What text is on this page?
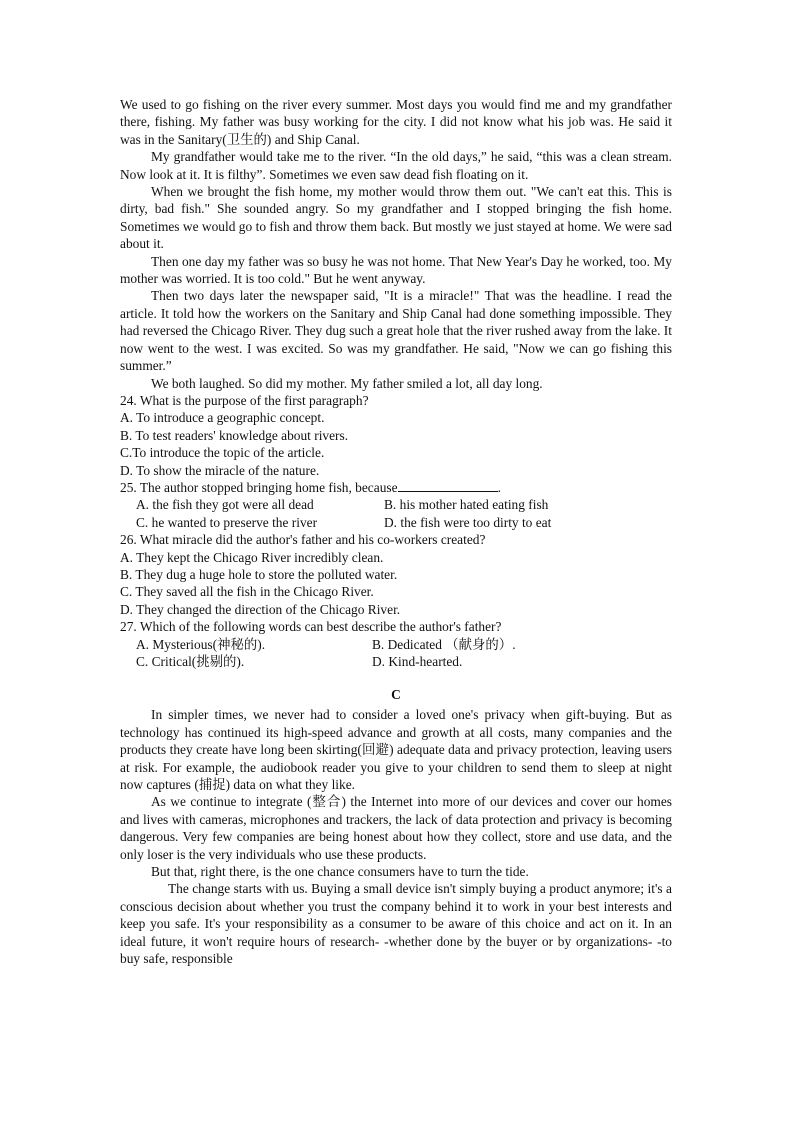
We used to go fishing on the river every summer. Most days you would find me and my grandfather there, fishing. My father was busy working for the city. I did not know what his job was. He said it was in the Sanitary(卫生的) and Ship Canal.

My grandfather would take me to the river. “In the old days,” he said, “this was a clean stream. Now look at it. It is filthy”. Sometimes we even saw dead fish floating on it.

When we brought the fish home, my mother would throw them out. "We can't eat this. This is dirty, bad fish." She sounded angry. So my grandfather and I stopped bringing the fish home. Sometimes we would go to fish and throw them back. But mostly we just stayed at home. We were sad about it.

Then one day my father was so busy he was not home. That New Year's Day he worked, too. My mother was worried. It is too cold." But he went anyway.

Then two days later the newspaper said, "It is a miracle!" That was the headline. I read the article. It told how the workers on the Sanitary and Ship Canal had done something impossible. They had reversed the Chicago River. They dug such a great hole that the river rushed away from the lake. It now went to the west. I was excited. So was my grandfather. He said, "Now we can go fishing this summer.”

We both laughed. So did my mother. My father smiled a lot, all day long.

24. What is the purpose of the first paragraph?

A. To introduce a geographic concept.

B. To test readers' knowledge about rivers.

C.To introduce the topic of the article.

D. To show the miracle of the nature.

25. The author stopped bringing home fish, because	.

A. the fish they got were all dead	B. his mother hated eating fish
C. he wanted to preserve the river	D. the fish were too dirty to eat

26. What miracle did the author's father and his co-workers created?

A. They kept the Chicago River incredibly clean.

B. They dug a huge hole to store the polluted water.

C. They saved all the fish in the Chicago River.

D. They changed the direction of the Chicago River.

27. Which of the following words can best describe the author's father?

A. Mysterious(神秘的).	B. Dedicated （献身的）.
C. Critical(挑剔的).	D. Kind-hearted.
C

In simpler times, we never had to consider a loved one's privacy when gift-buying. But as technology has continued its high-speed advance and growth at all costs, many companies and the products they create have long been skirting(回避) adequate data and privacy protection, leaving users at risk. For example, the audiobook reader you give to your children to send them to sleep at night now captures (捕捉) data on what they like.

As we continue to integrate (整合) the Internet into more of our devices and cover our homes and lives with cameras, microphones and trackers, the lack of data protection and privacy is becoming dangerous. Very few companies are being honest about how they collect, store and use data, and the only loser is the very individuals who use these products.

But that, right there, is the one chance consumers have to turn the tide.

The change starts with us. Buying a small device isn't simply buying a product anymore; it's a conscious decision about whether you trust the company behind it to work in your best interests and keep you safe. It's your responsibility as a consumer to be aware of this choice and act on it. In an ideal future, it won't require hours of research- -whether done by the buyer or by organizations- -to buy safe, responsible
